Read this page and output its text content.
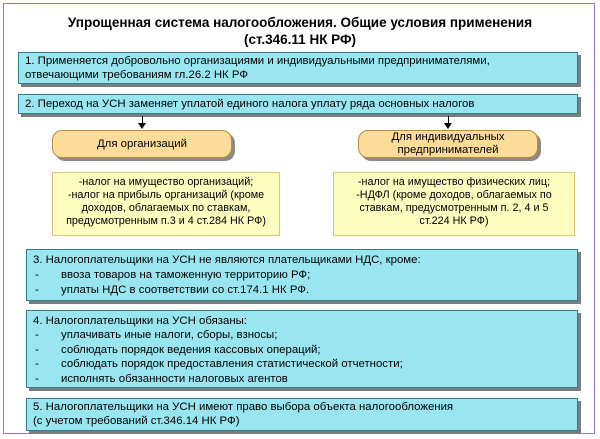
Упрощенная система налогообложения. Общие условия применения
(ст.346.11 НК РФ)
1. Применяется добровольно организациями и индивидуальными предпринимателями,
отвечающими требованиям гл.26.2 НК РФ
2. Переход на УСН заменяет уплатой единого налога уплату ряда основных налогов
Для организаций
Для индивидуальных
предпринимателей
-налог на имущество организаций;
-налог на прибыль организаций (кроме
доходов, облагаемых по ставкам,
предусмотренным п.3 и 4 ст.284 НК РФ)
-налог на имущество физических лиц;
-НДФЛ (кроме доходов, облагаемых по
ставкам, предусмотренным п. 2, 4 и 5
ст.224 НК РФ)
3. Налогоплательщики на УСН не являются плательщиками НДС, кроме:
- ввоза товаров на таможенную территорию РФ;
- уплаты НДС в соответствии со ст.174.1 НК РФ.
4. Налогоплательщики на УСН обязаны:
- уплачивать иные налоги, сборы, взносы;
- соблюдать порядок ведения кассовых операций;
- соблюдать порядок предоставления статистической отчетности;
- исполнять обязанности налоговых агентов
5. Налогоплательщики на УСН имеют право выбора объекта налогообложения
(с учетом требований ст.346.14 НК РФ)
